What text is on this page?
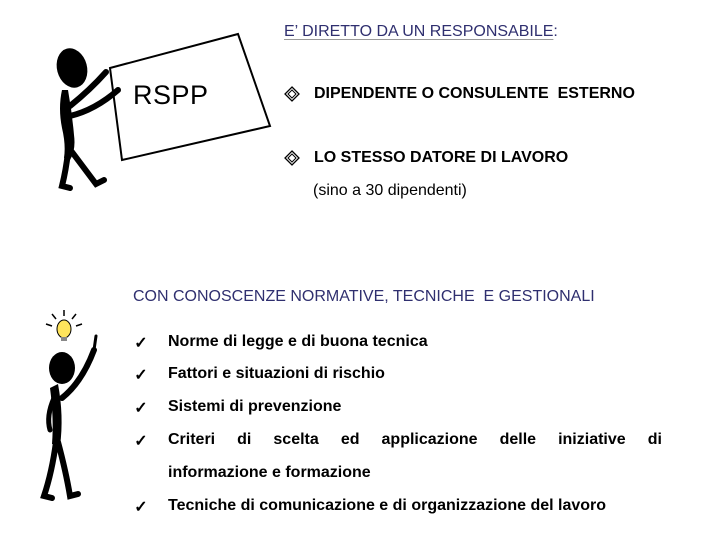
RSPP
E’ DIRETTO DA UN RESPONSABILE:
DIPENDENTE O CONSULENTE  ESTERNO
LO STESSO DATORE DI LAVORO
(sino a 30 dipendenti)
CON CONOSCENZE NORMATIVE, TECNICHE  E GESTIONALI
✓ Norme di legge e di buona tecnica
✓ Fattori e situazioni di rischio
✓ Sistemi di prevenzione
✓ Criteri di scelta ed applicazione delle iniziative di
informazione e formazione
✓ Tecniche di comunicazione e di organizzazione del lavoro
